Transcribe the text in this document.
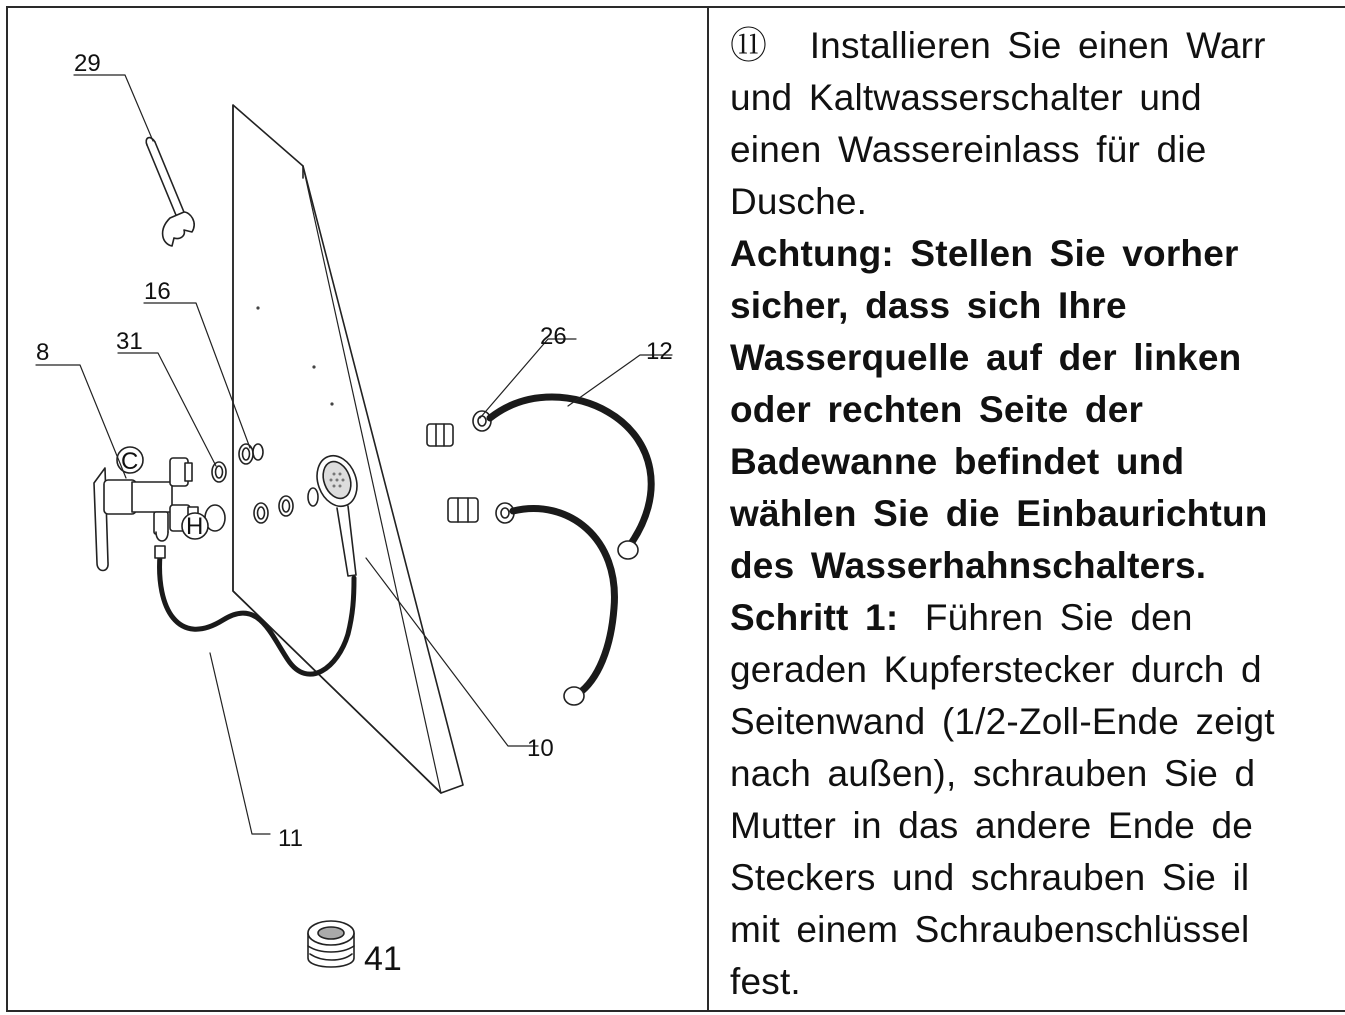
C
H
29
16
31
8
26
12
10
11
41
⑪ Installieren Sie einen Warr
und Kaltwasserschalter und
einen Wassereinlass für die
Dusche.
Achtung: Stellen Sie vorher
sicher, dass sich Ihre
Wasserquelle auf der linken
oder rechten Seite der
Badewanne befindet und
wählen Sie die Einbaurichtun
des Wasserhahnschalters.
Schritt 1: Führen Sie den
geraden Kupferstecker durch d
Seitenwand (1/2-Zoll-Ende zeigt
nach außen), schrauben Sie d
Mutter in das andere Ende de
Steckers und schrauben Sie il
mit einem Schraubenschlüssel
fest.
